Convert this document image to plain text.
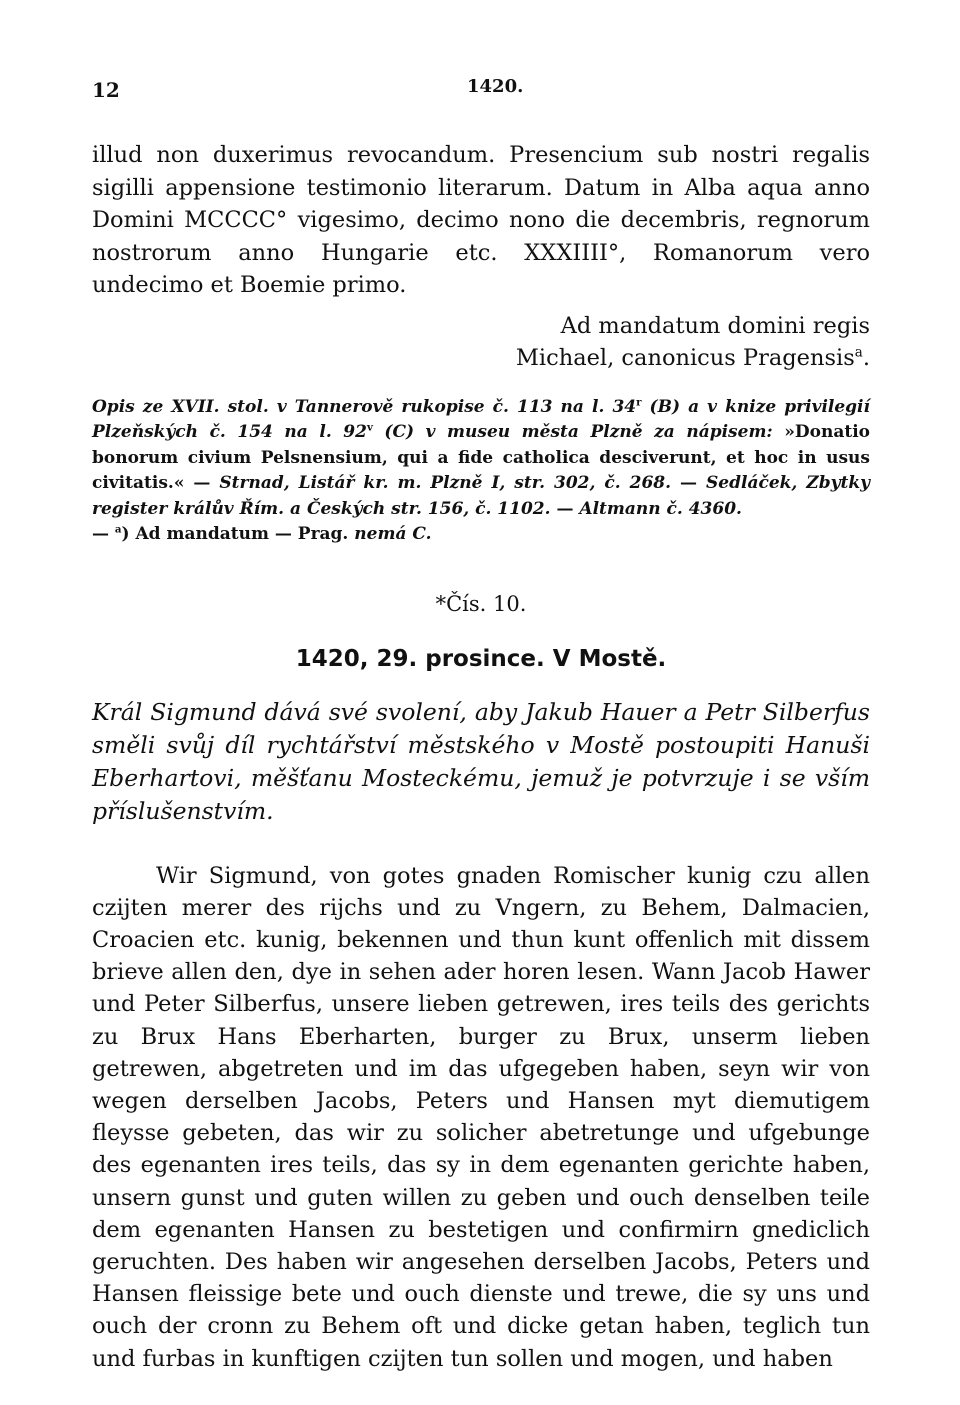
12	1420.

illud non duxerimus revocandum. Presencium sub nostri regalis sigilli appensione testimonio literarum. Datum in Alba aqua anno Domini MCCCC° vigesimo, decimo nono die decembris, regnorum nostrorum anno Hungarie etc. XXXIIII°, Romanorum vero undecimo et Boemie primo.

Ad mandatum domini regis
Michael, canonicus Pragensis$^a$.

Opis ze XVII. stol. v Tannerově rukopise č. 113 na l. 34$^r$ (B) a v knize privilegií Plzeňských č. 154 na l. 92$^v$ (C) v museu města Plzně za nápisem: »Donatio bonorum civium Pelsnensium, qui a fide catholica desciverunt, et hoc in usus civitatis.« — Strnad, Listář kr. m. Plzně I, str. 302, č. 268. — Sedláček, Zbytky register králův Řím. a Českých str. 156, č. 1102. — Altmann č. 4360.

— $^a$) Ad mandatum — Prag. nemá C.

*Čís. 10.
1420, 29. prosince. V Mostě.

Král Sigmund dává své svolení, aby Jakub Hauer a Petr Silberfus směli svůj díl rychtářství městského v Mostě postoupiti Hanuši Eberhartovi, měšťanu Mosteckému, jemuž je potvrzuje i se vším příslušenstvím.

Wir Sigmund, von gotes gnaden Romischer kunig czu allen czijten merer des rijchs und zu Vngern, zu Behem, Dalmacien, Croacien etc. kunig, bekennen und thun kunt offenlich mit dissem brieve allen den, dye in sehen ader horen lesen. Wann Jacob Hawer und Peter Silberfus, unsere lieben getrewen, ires teils des gerichts zu Brux Hans Eberharten, burger zu Brux, unserm lieben getrewen, abgetreten und im das ufgegeben haben, seyn wir von wegen derselben Jacobs, Peters und Hansen myt diemutigem fleysse gebeten, das wir zu solicher abetretunge und ufgebunge des egenanten ires teils, das sy in dem egenanten gerichte haben, unsern gunst und guten willen zu geben und ouch denselben teile dem egenanten Hansen zu bestetigen und confirmirn gnediclich geruchten. Des haben wir angesehen derselben Jacobs, Peters und Hansen fleissige bete und ouch dienste und trewe, die sy uns und ouch der cronn zu Behem oft und dicke getan haben, teglich tun und furbas in kunftigen czijten tun sollen und mogen, und haben
